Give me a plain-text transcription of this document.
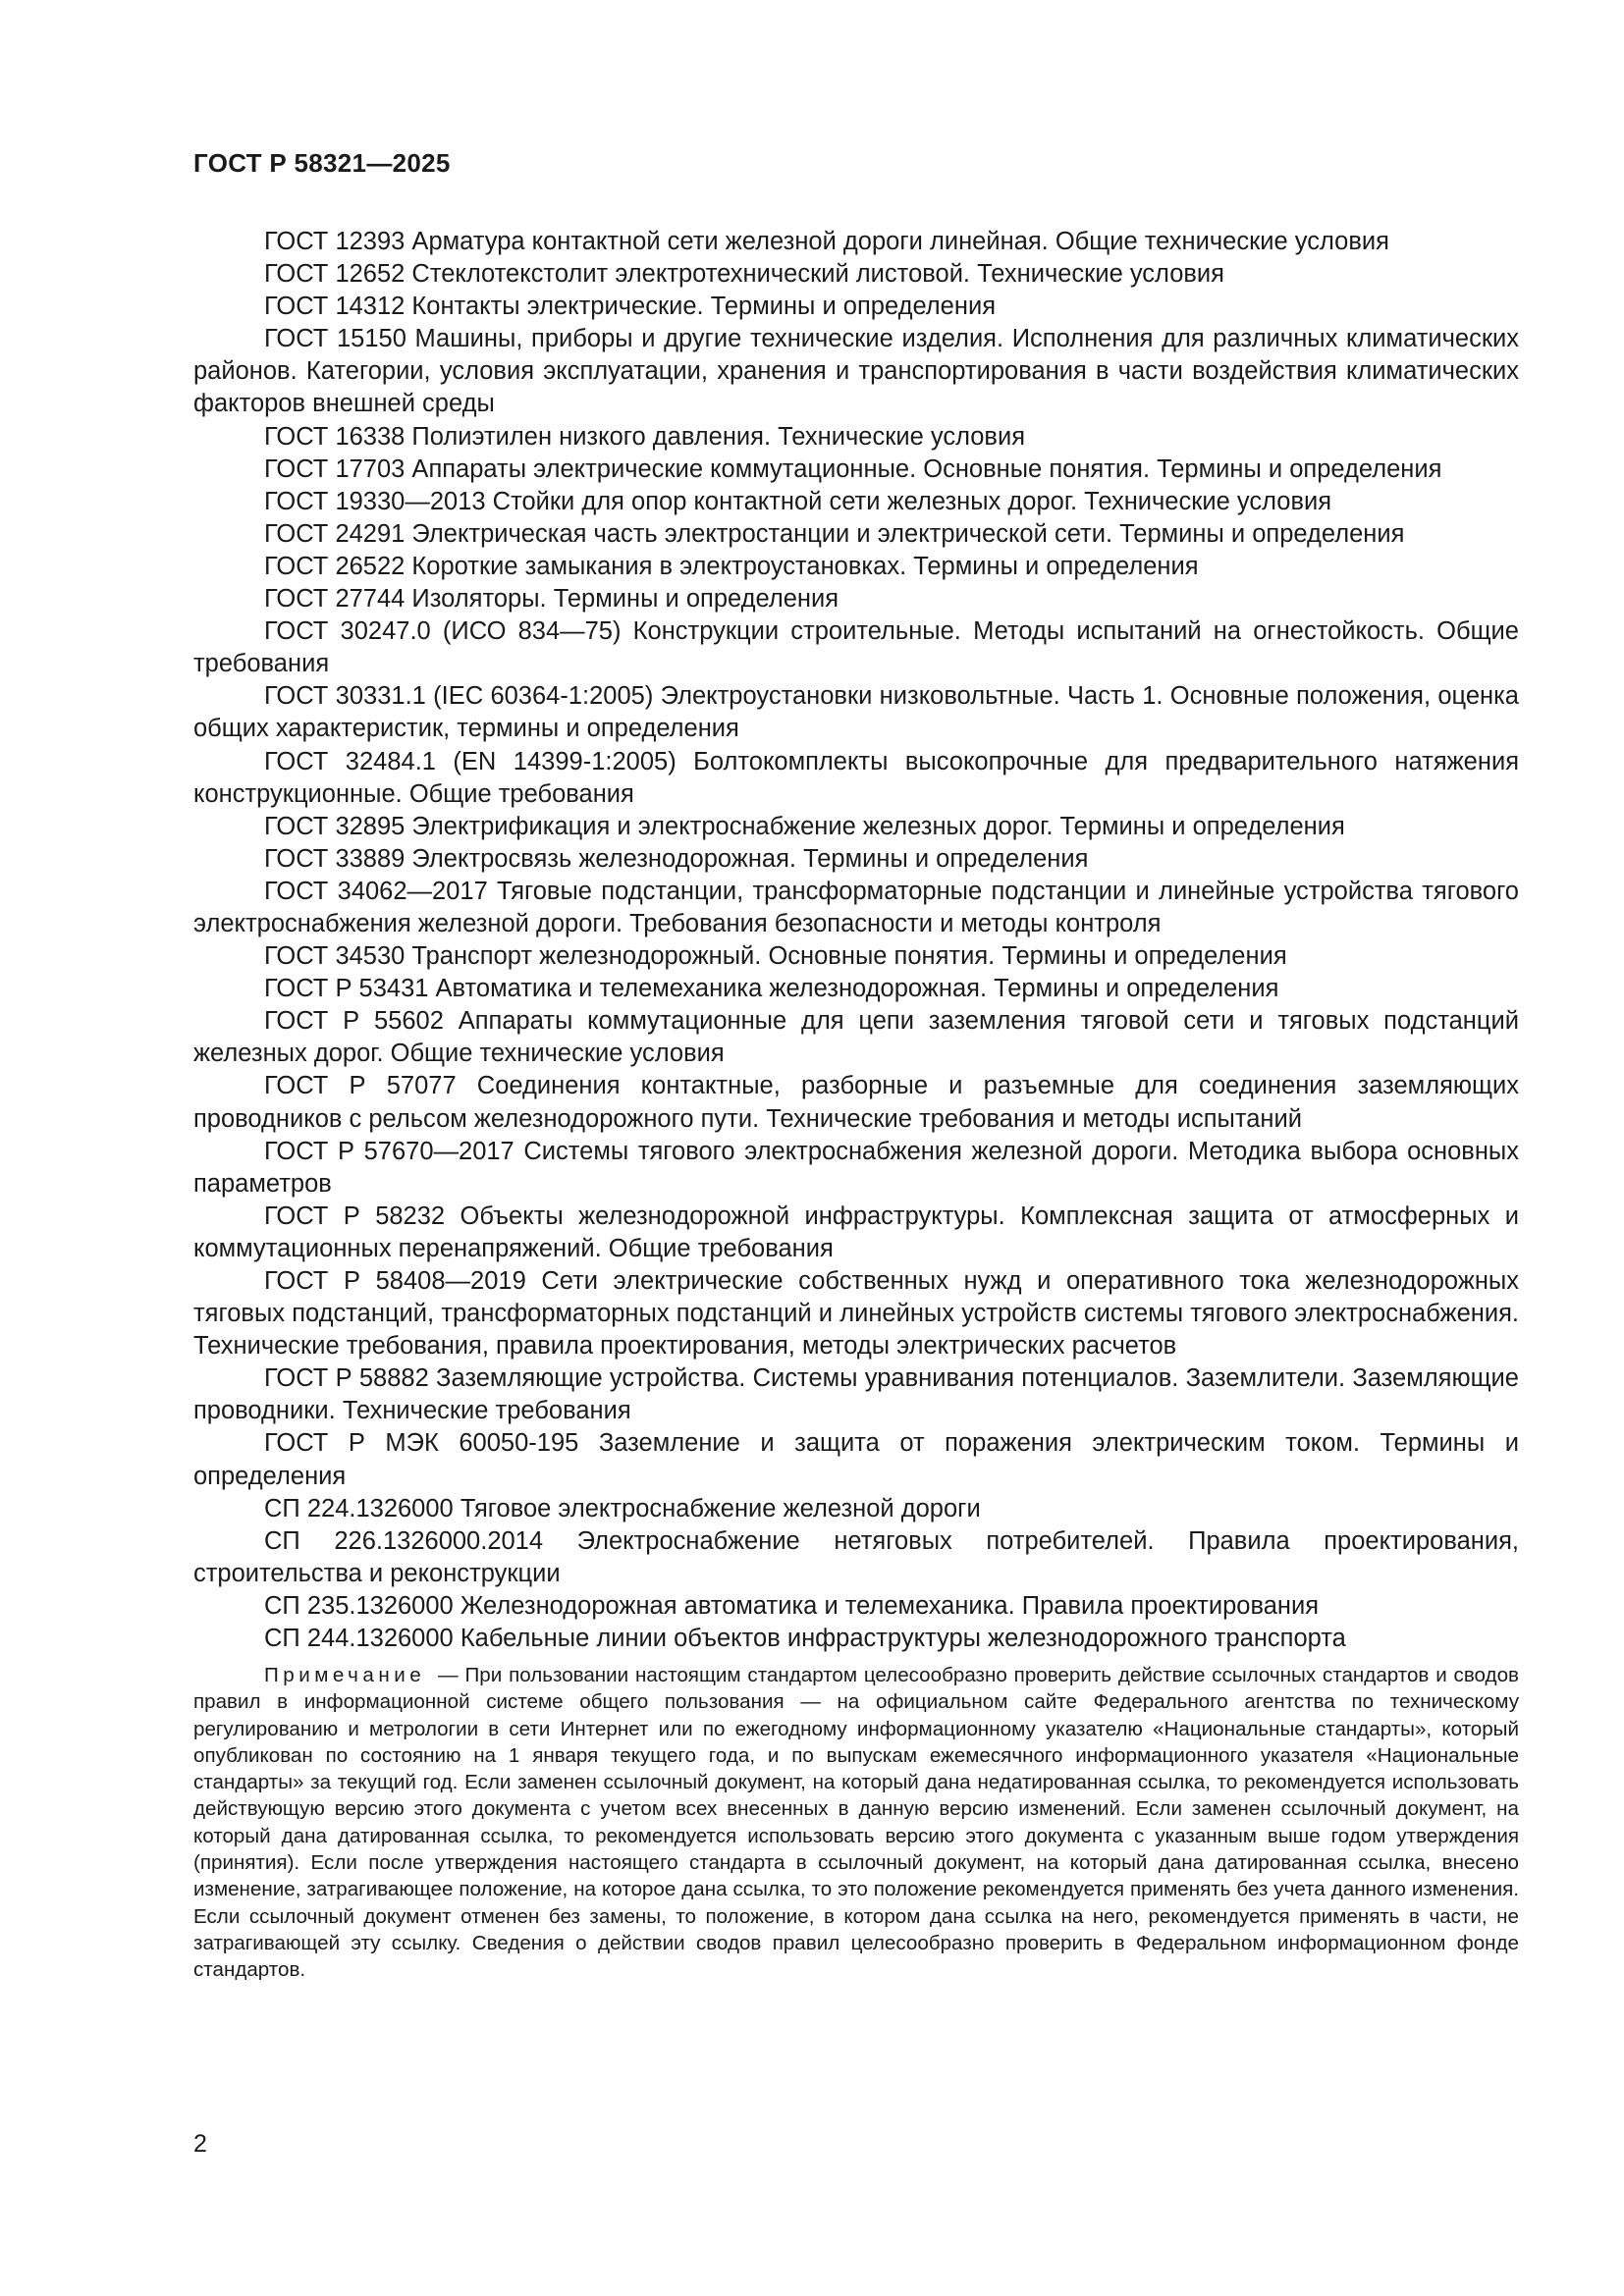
ГОСТ Р 58321—2025

ГОСТ 12393 Арматура контактной сети железной дороги линейная. Общие технические условия

ГОСТ 12652 Стеклотекстолит электротехнический листовой. Технические условия

ГОСТ 14312 Контакты электрические. Термины и определения

ГОСТ 15150 Машины, приборы и другие технические изделия. Исполнения для различных климатических районов. Категории, условия эксплуатации, хранения и транспортирования в части воздействия климатических факторов внешней среды

ГОСТ 16338 Полиэтилен низкого давления. Технические условия

ГОСТ 17703 Аппараты электрические коммутационные. Основные понятия. Термины и определения

ГОСТ 19330—2013 Стойки для опор контактной сети железных дорог. Технические условия

ГОСТ 24291 Электрическая часть электростанции и электрической сети. Термины и определения

ГОСТ 26522 Короткие замыкания в электроустановках. Термины и определения

ГОСТ 27744 Изоляторы. Термины и определения

ГОСТ 30247.0 (ИСО 834—75) Конструкции строительные. Методы испытаний на огнестойкость. Общие требования

ГОСТ 30331.1 (IEC 60364-1:2005) Электроустановки низковольтные. Часть 1. Основные положения, оценка общих характеристик, термины и определения

ГОСТ 32484.1 (EN 14399-1:2005) Болтокомплекты высокопрочные для предварительного натяжения конструкционные. Общие требования

ГОСТ 32895 Электрификация и электроснабжение железных дорог. Термины и определения

ГОСТ 33889 Электросвязь железнодорожная. Термины и определения

ГОСТ 34062—2017 Тяговые подстанции, трансформаторные подстанции и линейные устройства тягового электроснабжения железной дороги. Требования безопасности и методы контроля

ГОСТ 34530 Транспорт железнодорожный. Основные понятия. Термины и определения

ГОСТ Р 53431 Автоматика и телемеханика железнодорожная. Термины и определения

ГОСТ Р 55602 Аппараты коммутационные для цепи заземления тяговой сети и тяговых подстанций железных дорог. Общие технические условия

ГОСТ Р 57077 Соединения контактные, разборные и разъемные для соединения заземляющих проводников с рельсом железнодорожного пути. Технические требования и методы испытаний

ГОСТ Р 57670—2017 Системы тягового электроснабжения железной дороги. Методика выбора основных параметров

ГОСТ Р 58232 Объекты железнодорожной инфраструктуры. Комплексная защита от атмосферных и коммутационных перенапряжений. Общие требования

ГОСТ Р 58408—2019 Сети электрические собственных нужд и оперативного тока железнодорожных тяговых подстанций, трансформаторных подстанций и линейных устройств системы тягового электроснабжения. Технические требования, правила проектирования, методы электрических расчетов

ГОСТ Р 58882 Заземляющие устройства. Системы уравнивания потенциалов. Заземлители. Заземляющие проводники. Технические требования

ГОСТ Р МЭК 60050-195 Заземление и защита от поражения электрическим током. Термины и определения

СП 224.1326000 Тяговое электроснабжение железной дороги

СП 226.1326000.2014 Электроснабжение нетяговых потребителей. Правила проектирования, строительства и реконструкции

СП 235.1326000 Железнодорожная автоматика и телемеханика. Правила проектирования

СП 244.1326000 Кабельные линии объектов инфраструктуры железнодорожного транспорта

Примечание — При пользовании настоящим стандартом целесообразно проверить действие ссылочных стандартов и сводов правил в информационной системе общего пользования — на официальном сайте Федерального агентства по техническому регулированию и метрологии в сети Интернет или по ежегодному информационному указателю «Национальные стандарты», который опубликован по состоянию на 1 января текущего года, и по выпускам ежемесячного информационного указателя «Национальные стандарты» за текущий год. Если заменен ссылочный документ, на который дана недатированная ссылка, то рекомендуется использовать действующую версию этого документа с учетом всех внесенных в данную версию изменений. Если заменен ссылочный документ, на который дана датированная ссылка, то рекомендуется использовать версию этого документа с указанным выше годом утверждения (принятия). Если после утверждения настоящего стандарта в ссылочный документ, на который дана датированная ссылка, внесено изменение, затрагивающее положение, на которое дана ссылка, то это положение рекомендуется применять без учета данного изменения. Если ссылочный документ отменен без замены, то положение, в котором дана ссылка на него, рекомендуется применять в части, не затрагивающей эту ссылку. Сведения о действии сводов правил целесообразно проверить в Федеральном информационном фонде стандартов.

2
